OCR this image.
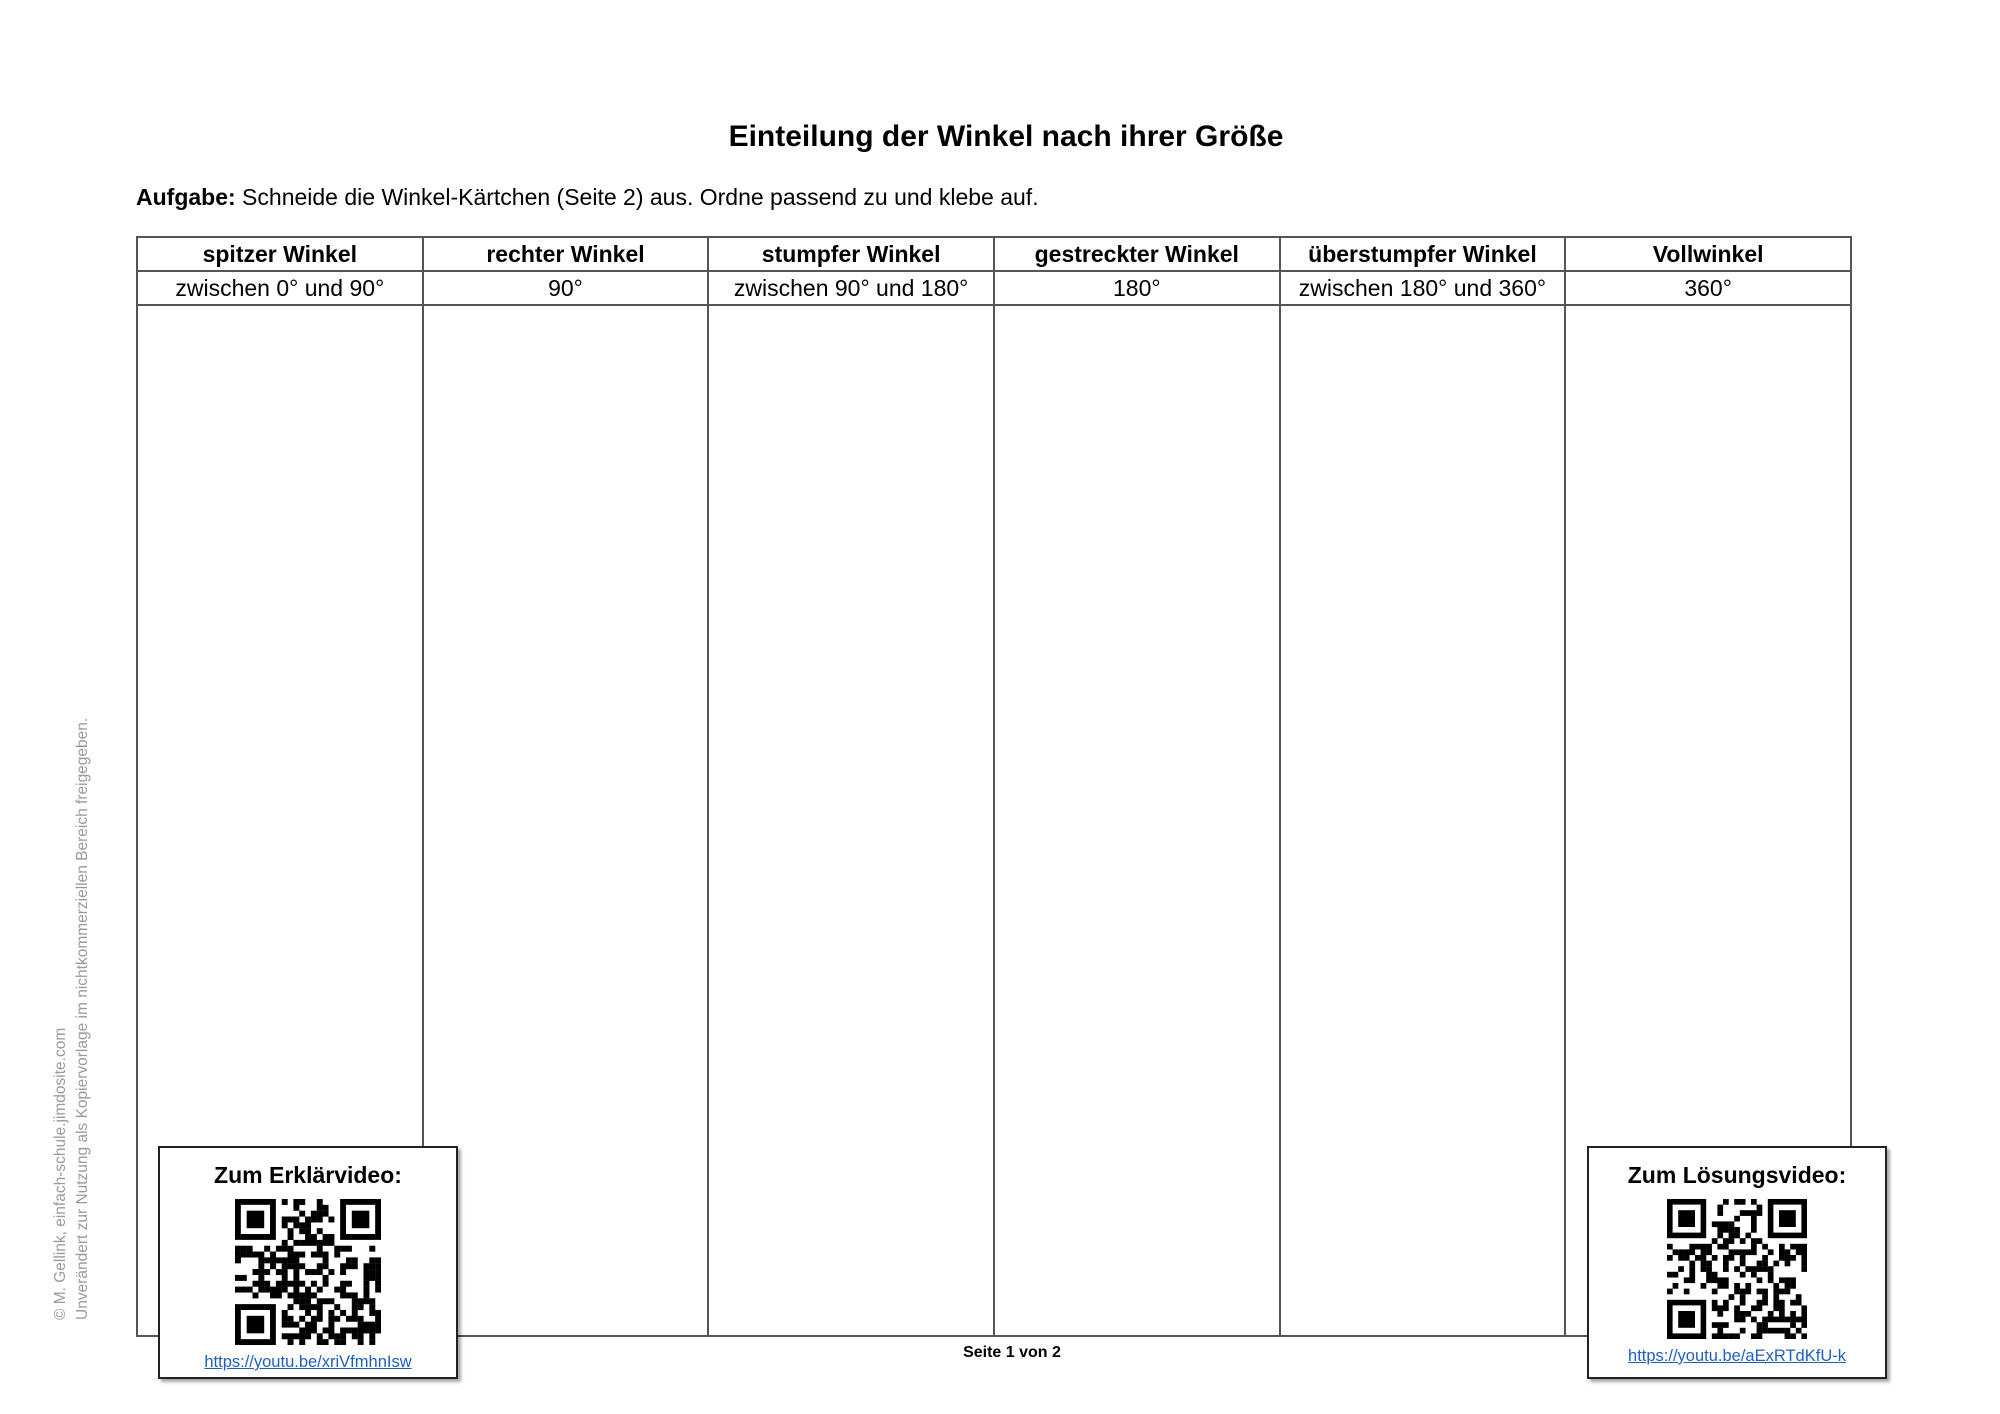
Einteilung der Winkel nach ihrer Größe
Aufgabe: Schneide die Winkel-Kärtchen (Seite 2) aus. Ordne passend zu und klebe auf.
spitzer Winkel	rechter Winkel	stumpfer Winkel	gestreckter Winkel	überstumpfer Winkel	Vollwinkel
zwischen 0° und 90°	90°	zwischen 90° und 180°	180°	zwischen 180° und 360°	360°

© M. Gellink, einfach-schule.jimdosite.com Unverändert zur Nutzung als Kopiervorlage im nichtkommerziellen Bereich freigegeben.	Zum Erklärvideo:
https://youtu.be/xriVfmhnIsw
Zum Lösungsvideo:
https://youtu.be/aExRTdKfU-k
Seite 1 von 2
